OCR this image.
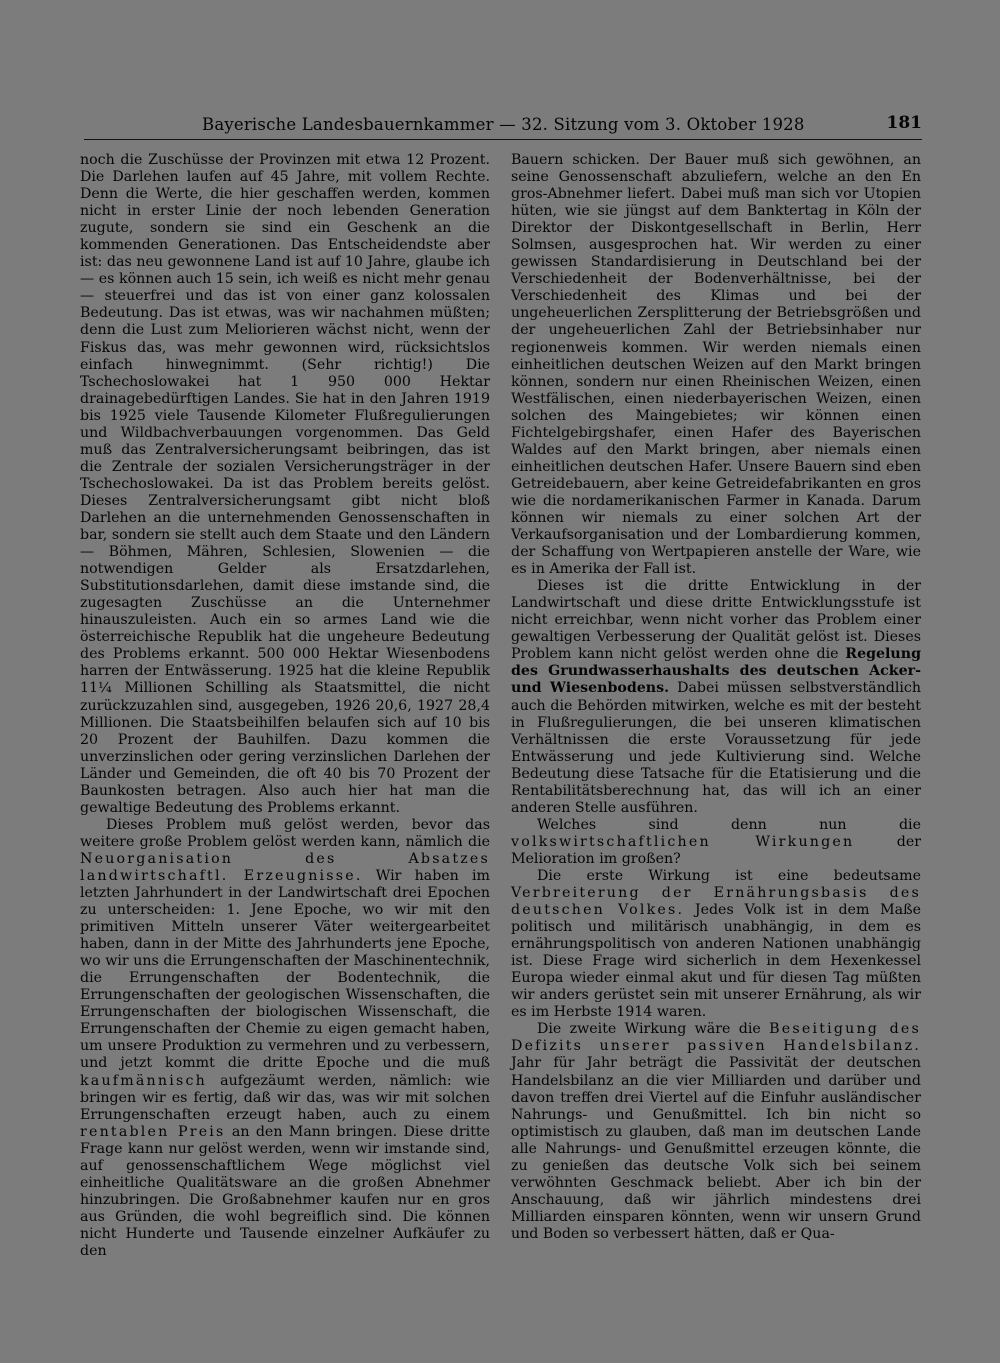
Bayerische Landesbauernkammer — 32. Sitzung vom 3. Oktober 1928	181

noch die Zuschüsse der Provinzen mit etwa 12 Prozent. Die Darlehen laufen auf 45 Jahre, mit vollem Rechte. Denn die Werte, die hier geschaffen werden, kommen nicht in erster Linie der noch lebenden Generation zugute, sondern sie sind ein Geschenk an die kommenden Generationen. Das Entscheidendste aber ist: das neu gewonnene Land ist auf 10 Jahre, glaube ich — es können auch 15 sein, ich weiß es nicht mehr genau — steuerfrei und das ist von einer ganz kolossalen Bedeutung. Das ist etwas, was wir nachahmen müßten; denn die Lust zum Meliorieren wächst nicht, wenn der Fiskus das, was mehr gewonnen wird, rücksichtslos einfach hinwegnimmt. (Sehr richtig!) Die Tschechoslowakei hat 1 950 000 Hektar drainagebedürftigen Landes. Sie hat in den Jahren 1919 bis 1925 viele Tausende Kilometer Flußregulierungen und Wildbachverbauungen vorgenommen. Das Geld muß das Zentralversicherungsamt beibringen, das ist die Zentrale der sozialen Versicherungsträger in der Tschechoslowakei. Da ist das Problem bereits gelöst. Dieses Zentralversicherungsamt gibt nicht bloß Darlehen an die unternehmenden Genossenschaften in bar, sondern sie stellt auch dem Staate und den Ländern — Böhmen, Mähren, Schlesien, Slowenien — die notwendigen Gelder als Ersatzdarlehen, Substitutionsdarlehen, damit diese imstande sind, die zugesagten Zuschüsse an die Unternehmer hinauszuleisten. Auch ein so armes Land wie die österreichische Republik hat die ungeheure Bedeutung des Problems erkannt. 500 000 Hektar Wiesenbodens harren der Entwässerung. 1925 hat die kleine Republik 11¼ Millionen Schilling als Staatsmittel, die nicht zurückzuzahlen sind, ausgegeben, 1926 20,6, 1927 28,4 Millionen. Die Staatsbeihilfen belaufen sich auf 10 bis 20 Prozent der Bauhilfen. Dazu kommen die unverzinslichen oder gering verzinslichen Darlehen der Länder und Gemeinden, die oft 40 bis 70 Prozent der Baunkosten betragen. Also auch hier hat man die gewaltige Bedeutung des Problems erkannt.

Dieses Problem muß gelöst werden, bevor das weitere große Problem gelöst werden kann, nämlich die Neuorganisation des Absatzes landwirtschaftl. Erzeugnisse. Wir haben im letzten Jahrhundert in der Landwirtschaft drei Epochen zu unterscheiden: 1. Jene Epoche, wo wir mit den primitiven Mitteln unserer Väter weitergearbeitet haben, dann in der Mitte des Jahrhunderts jene Epoche, wo wir uns die Errungenschaften der Maschinentechnik, die Errungenschaften der Bodentechnik, die Errungenschaften der geologischen Wissenschaften, die Errungenschaften der biologischen Wissenschaft, die Errungenschaften der Chemie zu eigen gemacht haben, um unsere Produktion zu vermehren und zu verbessern, und jetzt kommt die dritte Epoche und die muß kaufmännisch aufgezäumt werden, nämlich: wie bringen wir es fertig, daß wir das, was wir mit solchen Errungenschaften erzeugt haben, auch zu einem rentablen Preis an den Mann bringen. Diese dritte Frage kann nur gelöst werden, wenn wir imstande sind, auf genossenschaftlichem Wege möglichst viel einheitliche Qualitätsware an die großen Abnehmer hinzubringen. Die Großabnehmer kaufen nur en gros aus Gründen, die wohl begreiflich sind. Die können nicht Hunderte und Tausende einzelner Aufkäufer zu den

Bauern schicken. Der Bauer muß sich gewöhnen, an seine Genossenschaft abzuliefern, welche an den En gros-Abnehmer liefert. Dabei muß man sich vor Utopien hüten, wie sie jüngst auf dem Banktertag in Köln der Direktor der Diskontgesellschaft in Berlin, Herr Solmsen, ausgesprochen hat. Wir werden zu einer gewissen Standardisierung in Deutschland bei der Verschiedenheit der Bodenverhältnisse, bei der Verschiedenheit des Klimas und bei der ungeheuerlichen Zersplitterung der Betriebsgrößen und der ungeheuerlichen Zahl der Betriebsinhaber nur regionenweis kommen. Wir werden niemals einen einheitlichen deutschen Weizen auf den Markt bringen können, sondern nur einen Rheinischen Weizen, einen Westfälischen, einen niederbayerischen Weizen, einen solchen des Maingebietes; wir können einen Fichtelgebirgshafer, einen Hafer des Bayerischen Waldes auf den Markt bringen, aber niemals einen einheitlichen deutschen Hafer. Unsere Bauern sind eben Getreidebauern, aber keine Getreidefabrikanten en gros wie die nordamerikanischen Farmer in Kanada. Darum können wir niemals zu einer solchen Art der Verkaufsorganisation und der Lombardierung kommen, der Schaffung von Wertpapieren anstelle der Ware, wie es in Amerika der Fall ist.

Dieses ist die dritte Entwicklung in der Landwirtschaft und diese dritte Entwicklungsstufe ist nicht erreichbar, wenn nicht vorher das Problem einer gewaltigen Verbesserung der Qualität gelöst ist. Dieses Problem kann nicht gelöst werden ohne die Regelung des Grundwasserhaushalts des deutschen Acker- und Wiesenbodens. Dabei müssen selbstverständlich auch die Behörden mitwirken, welche es mit der besteht in Flußregulierungen, die bei unseren klimatischen Verhältnissen die erste Voraussetzung für jede Entwässerung und jede Kultivierung sind. Welche Bedeutung diese Tatsache für die Etatisierung und die Rentabilitätsberechnung hat, das will ich an einer anderen Stelle ausführen.

Welches sind denn nun die volkswirtschaftlichen Wirkungen der Melioration im großen?

Die erste Wirkung ist eine bedeutsame Verbreiterung der Ernährungsbasis des deutschen Volkes. Jedes Volk ist in dem Maße politisch und militärisch unabhängig, in dem es ernährungspolitisch von anderen Nationen unabhängig ist. Diese Frage wird sicherlich in dem Hexenkessel Europa wieder einmal akut und für diesen Tag müßten wir anders gerüstet sein mit unserer Ernährung, als wir es im Herbste 1914 waren.

Die zweite Wirkung wäre die Beseitigung des Defizits unserer passiven Handelsbilanz. Jahr für Jahr beträgt die Passivität der deutschen Handelsbilanz an die vier Milliarden und darüber und davon treffen drei Viertel auf die Einfuhr ausländischer Nahrungs- und Genußmittel. Ich bin nicht so optimistisch zu glauben, daß man im deutschen Lande alle Nahrungs- und Genußmittel erzeugen könnte, die zu genießen das deutsche Volk sich bei seinem verwöhnten Geschmack beliebt. Aber ich bin der Anschauung, daß wir jährlich mindestens drei Milliarden einsparen könnten, wenn wir unsern Grund und Boden so verbessert hätten, daß er Qua-
